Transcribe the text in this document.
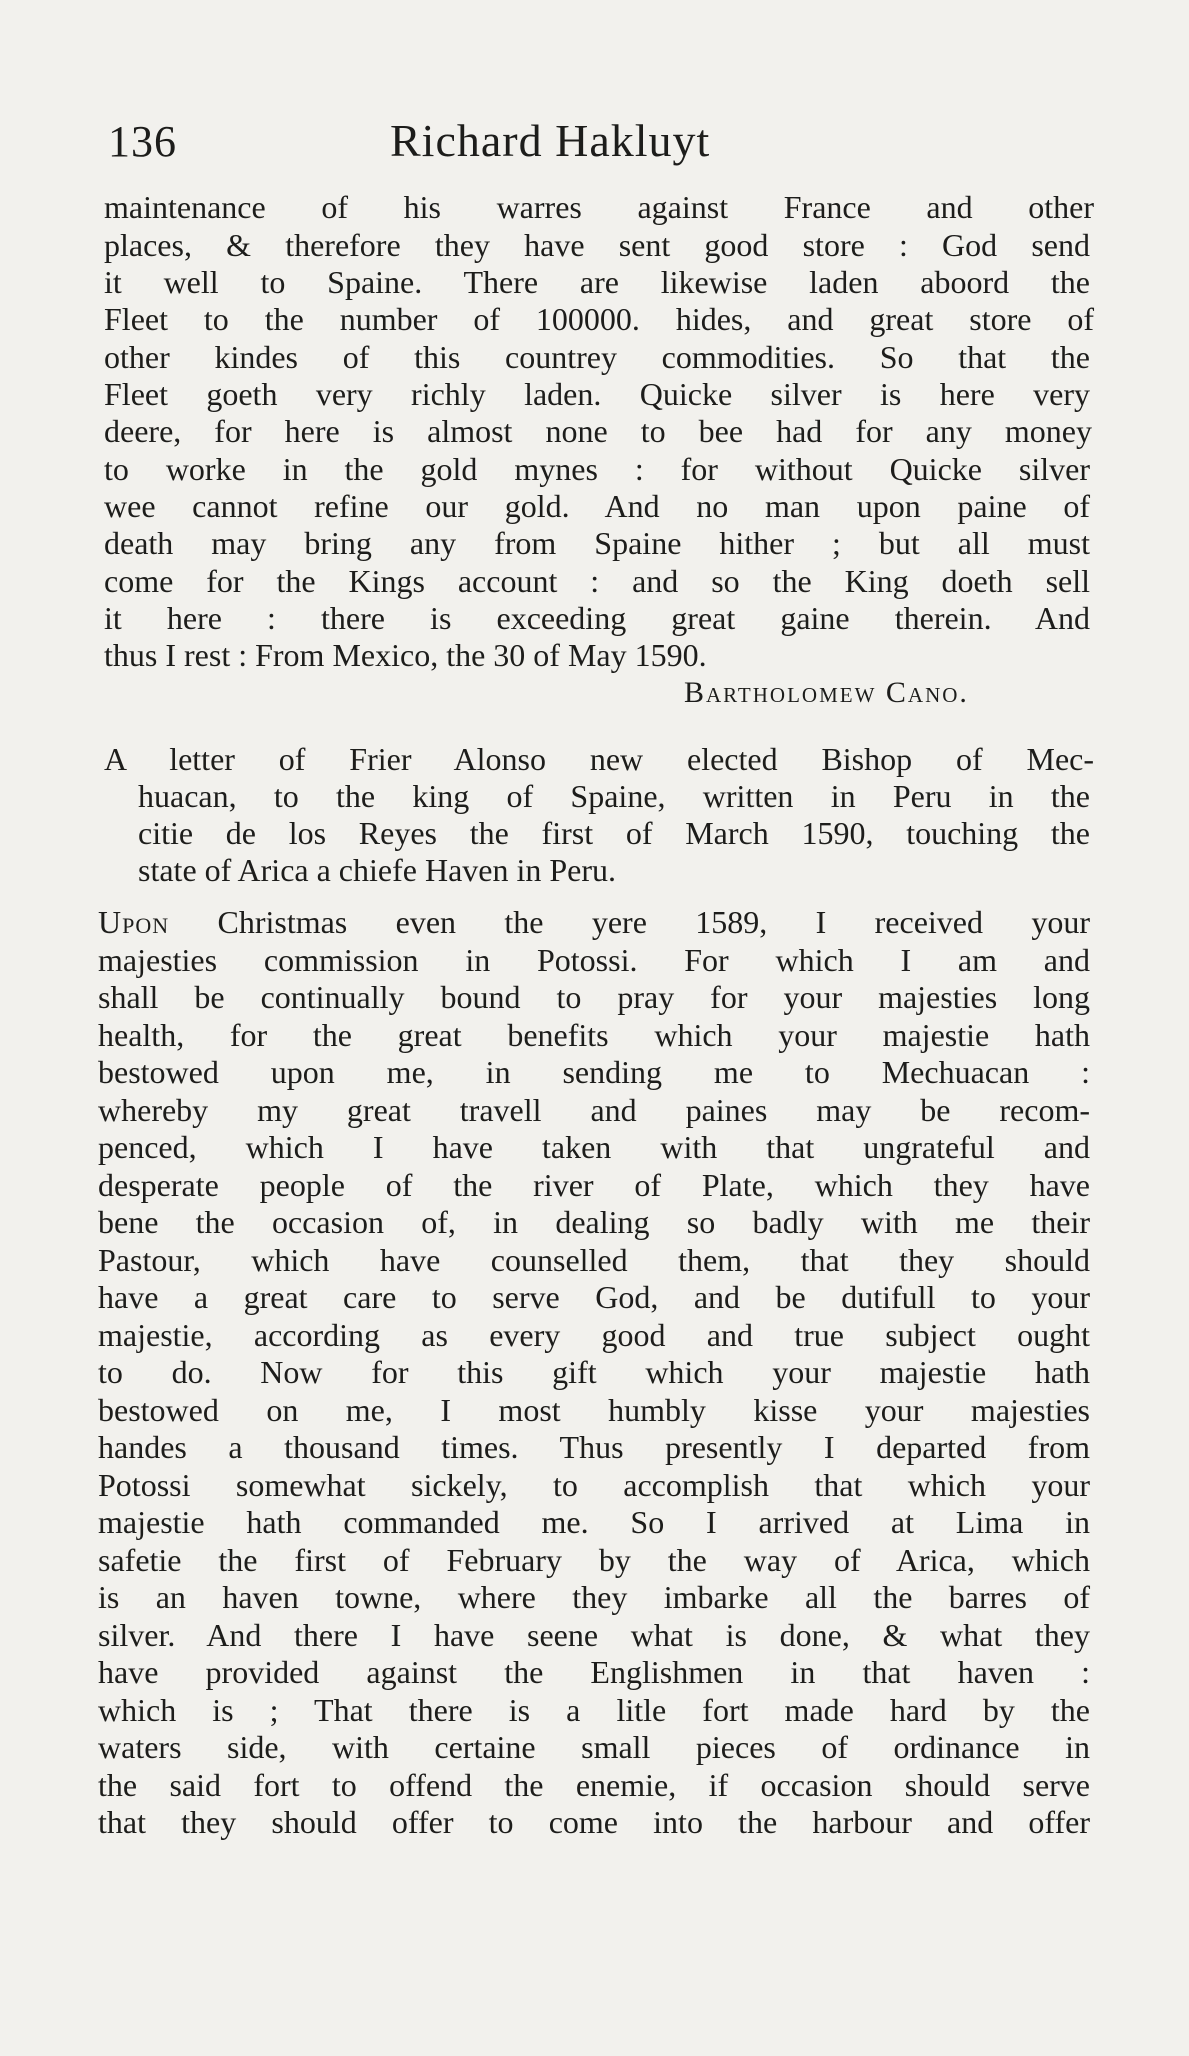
136	Richard Hakluyt
maintenance of his warres against France and other
places, & therefore they have sent good store : God send
it well to Spaine. There are likewise laden aboord the
Fleet to the number of 100000. hides, and great store of
other kindes of this countrey commodities. So that the
Fleet goeth very richly laden. Quicke silver is here very
deere, for here is almost none to bee had for any money
to worke in the gold mynes : for without Quicke silver
wee cannot refine our gold. And no man upon paine of
death may bring any from Spaine hither ; but all must
come for the Kings account : and so the King doeth sell
it here : there is exceeding great gaine therein. And
thus I rest : From Mexico, the 30 of May 1590.
Bartholomew Cano.
A letter of Frier Alonso new elected Bishop of Mec-
huacan, to the king of Spaine, written in Peru in the
citie de los Reyes the first of March 1590, touching the
state of Arica a chiefe Haven in Peru.
Upon Christmas even the yere 1589, I received your
majesties commission in Potossi. For which I am and
shall be continually bound to pray for your majesties long
health, for the great benefits which your majestie hath
bestowed upon me, in sending me to Mechuacan :
whereby my great travell and paines may be recom-
penced, which I have taken with that ungrateful and
desperate people of the river of Plate, which they have
bene the occasion of, in dealing so badly with me their
Pastour, which have counselled them, that they should
have a great care to serve God, and be dutifull to your
majestie, according as every good and true subject ought
to do. Now for this gift which your majestie hath
bestowed on me, I most humbly kisse your majesties
handes a thousand times. Thus presently I departed from
Potossi somewhat sickely, to accomplish that which your
majestie hath commanded me. So I arrived at Lima in
safetie the first of February by the way of Arica, which
is an haven towne, where they imbarke all the barres of
silver. And there I have seene what is done, & what they
have provided against the Englishmen in that haven :
which is ; That there is a litle fort made hard by the
waters side, with certaine small pieces of ordinance in
the said fort to offend the enemie, if occasion should serve
that they should offer to come into the harbour and offer
